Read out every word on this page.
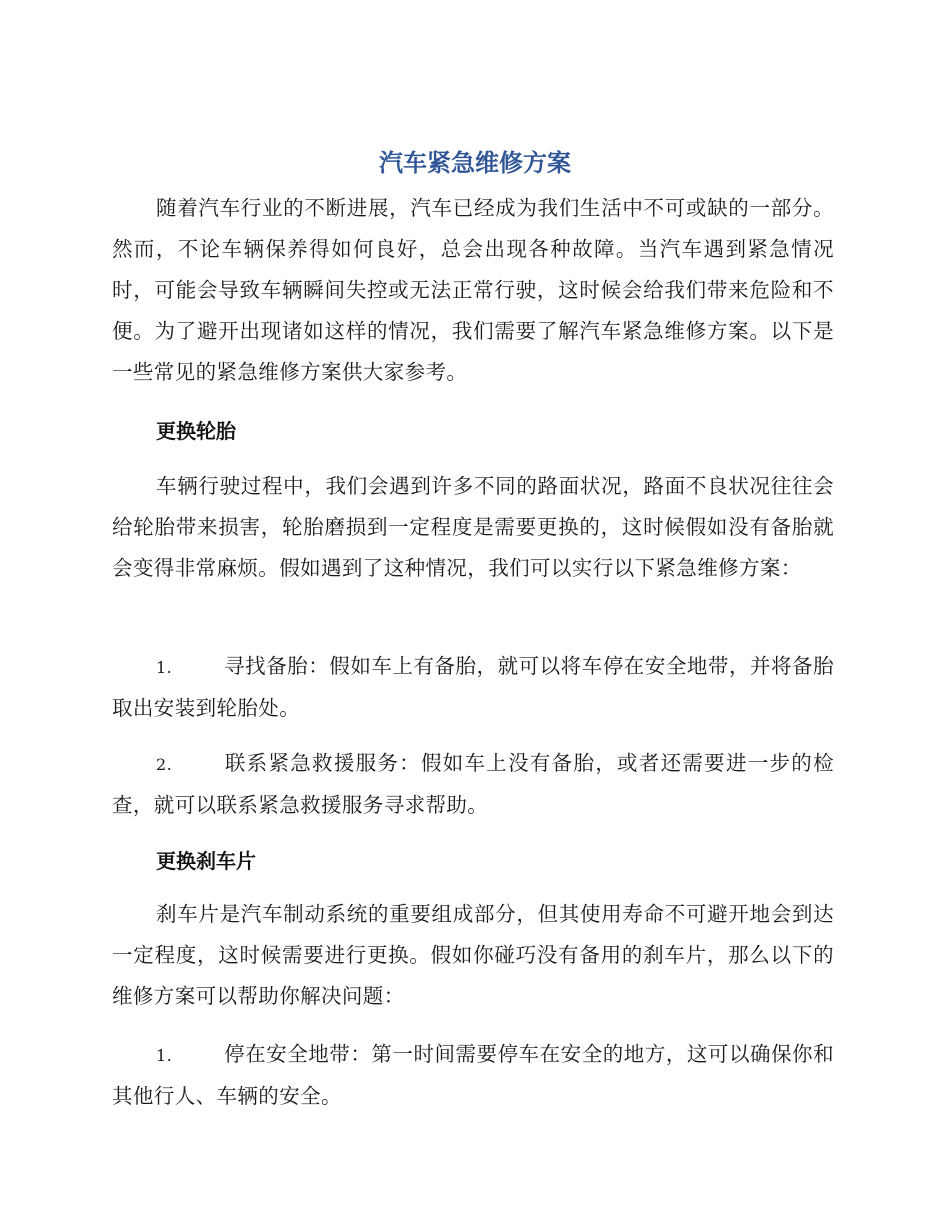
汽车紧急维修方案

随着汽车行业的不断进展，汽车已经成为我们生活中不可或缺的一部分。然而，不论车辆保养得如何良好，总会出现各种故障。当汽车遇到紧急情况时，可能会导致车辆瞬间失控或无法正常行驶，这时候会给我们带来危险和不便。为了避开出现诸如这样的情况，我们需要了解汽车紧急维修方案。以下是一些常见的紧急维修方案供大家参考。

更换轮胎

车辆行驶过程中，我们会遇到许多不同的路面状况，路面不良状况往往会给轮胎带来损害，轮胎磨损到一定程度是需要更换的，这时候假如没有备胎就会变得非常麻烦。假如遇到了这种情况，我们可以实行以下紧急维修方案：

1.	寻找备胎：假如车上有备胎，就可以将车停在安全地带，并将备胎取出安装到轮胎处。

2.	联系紧急救援服务：假如车上没有备胎，或者还需要进一步的检查，就可以联系紧急救援服务寻求帮助。

更换刹车片

刹车片是汽车制动系统的重要组成部分，但其使用寿命不可避开地会到达一定程度，这时候需要进行更换。假如你碰巧没有备用的刹车片，那么以下的维修方案可以帮助你解决问题：

1.	停在安全地带：第一时间需要停车在安全的地方，这可以确保你和其他行人、车辆的安全。
